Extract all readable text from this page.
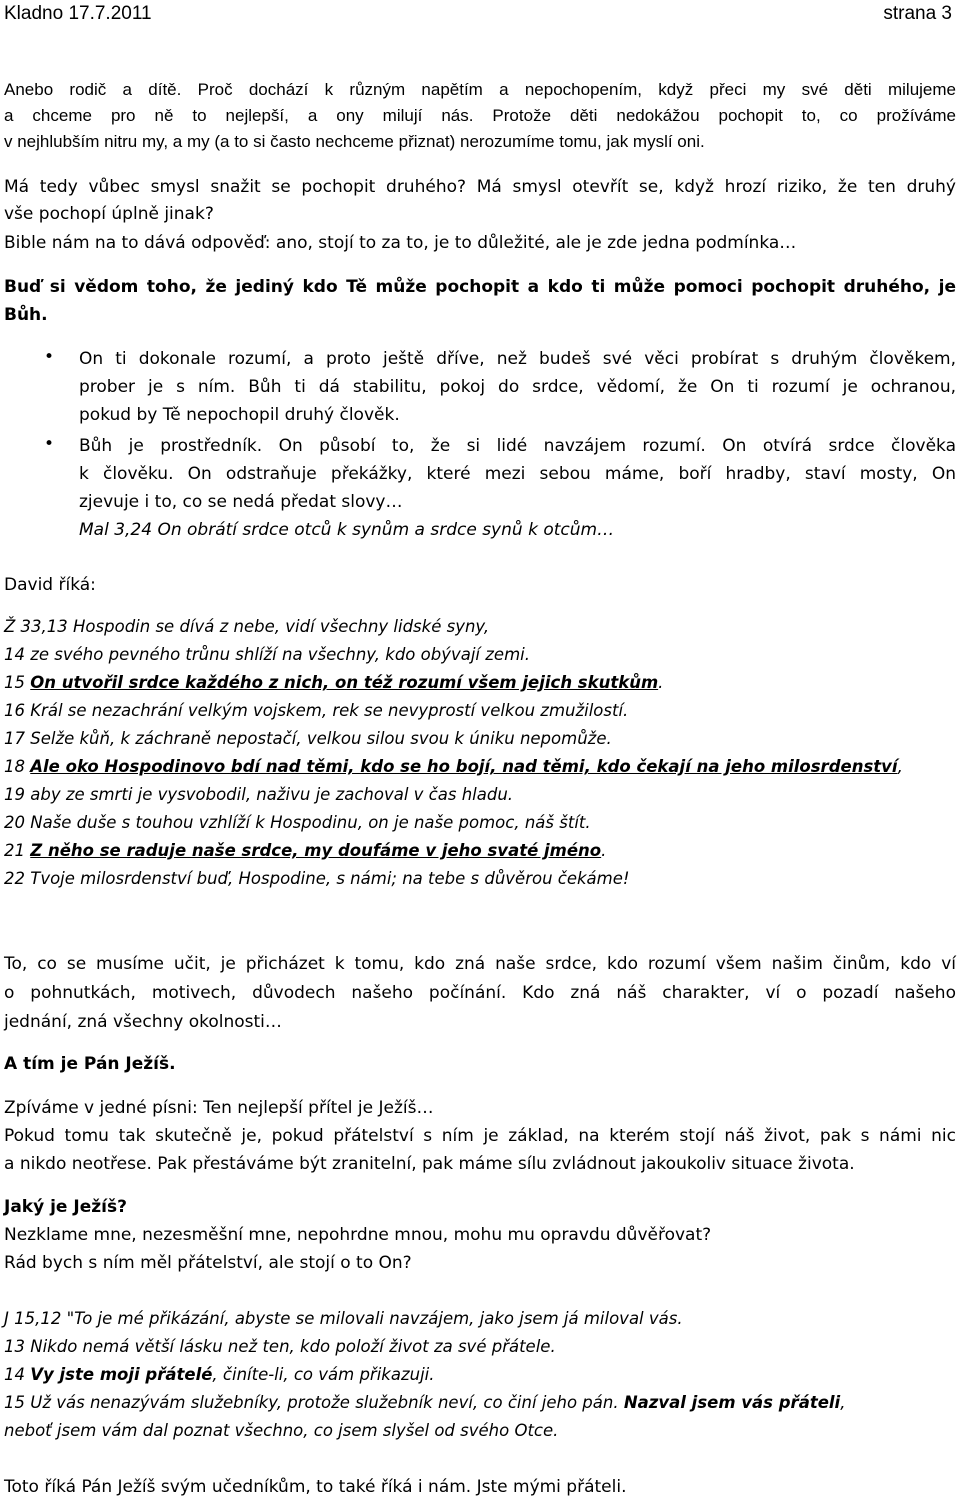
Kladno 17.7.2011	strana 3
Anebo rodič a dítě. Proč dochází k různým napětím a nepochopením, když přeci my své děti milujeme
a chceme pro ně to nejlepší, a ony milují nás. Protože děti nedokážou pochopit to, co prožíváme
v nejhlubším nitru my, a my (a to si často nechceme přiznat) nerozumíme tomu, jak myslí oni.
Má tedy vůbec smysl snažit se pochopit druhého? Má smysl otevřít se, když hrozí riziko, že ten druhý
vše pochopí úplně jinak?
Bible nám na to dává odpověď: ano, stojí to za to, je to důležité, ale je zde jedna podmínka…
Buď si vědom toho, že jediný kdo Tě může pochopit a kdo ti může pomoci pochopit druhého, je
Bůh.
• On ti dokonale rozumí, a proto ještě dříve, než budeš své věci probírat s druhým člověkem,
prober je s ním. Bůh ti dá stabilitu, pokoj do srdce, vědomí, že On ti rozumí je ochranou,
pokud by Tě nepochopil druhý člověk.
• Bůh je prostředník. On působí to, že si lidé navzájem rozumí. On otvírá srdce člověka
k člověku. On odstraňuje překážky, které mezi sebou máme, boří hradby, staví mosty, On
zjevuje i to, co se nedá předat slovy…
Mal 3,24 On obrátí srdce otců k synům a srdce synů k otcům…
David říká:
Ž 33,13 Hospodin se dívá z nebe, vidí všechny lidské syny,
14 ze svého pevného trůnu shlíží na všechny, kdo obývají zemi.
15 On utvořil srdce každého z nich, on též rozumí všem jejich skutkům.
16 Král se nezachrání velkým vojskem, rek se nevyprostí velkou zmužilostí.
17 Selže kůň, k záchraně nepostačí, velkou silou svou k úniku nepomůže.
18 Ale oko Hospodinovo bdí nad těmi, kdo se ho bojí, nad těmi, kdo čekají na jeho milosrdenství,
19 aby ze smrti je vysvobodil, naživu je zachoval v čas hladu.
20 Naše duše s touhou vzhlíží k Hospodinu, on je naše pomoc, náš štít.
21 Z něho se raduje naše srdce, my doufáme v jeho svaté jméno.
22 Tvoje milosrdenství buď, Hospodine, s námi; na tebe s důvěrou čekáme!
To, co se musíme učit, je přicházet k tomu, kdo zná naše srdce, kdo rozumí všem našim činům, kdo ví
o pohnutkách, motivech, důvodech našeho počínání. Kdo zná náš charakter, ví o pozadí našeho
jednání, zná všechny okolnosti…
A tím je Pán Ježíš.
Zpíváme v jedné písni: Ten nejlepší přítel je Ježíš…
Pokud tomu tak skutečně je, pokud přátelství s ním je základ, na kterém stojí náš život, pak s námi nic
a nikdo neotřese. Pak přestáváme být zranitelní, pak máme sílu zvládnout jakoukoliv situace života.
Jaký je Ježíš?
Nezklame mne, nezesměšní mne, nepohrdne mnou, mohu mu opravdu důvěřovat?
Rád bych s ním měl přátelství, ale stojí o to On?
J 15,12 "To je mé přikázání, abyste se milovali navzájem, jako jsem já miloval vás.
13 Nikdo nemá větší lásku než ten, kdo položí život za své přátele.
14 Vy jste moji přátelé, činíte-li, co vám přikazuji.
15 Už vás nenazývám služebníky, protože služebník neví, co činí jeho pán. Nazval jsem vás přáteli,
neboť jsem vám dal poznat všechno, co jsem slyšel od svého Otce.
Toto říká Pán Ježíš svým učedníkům, to také říká i nám. Jste mými přáteli.
